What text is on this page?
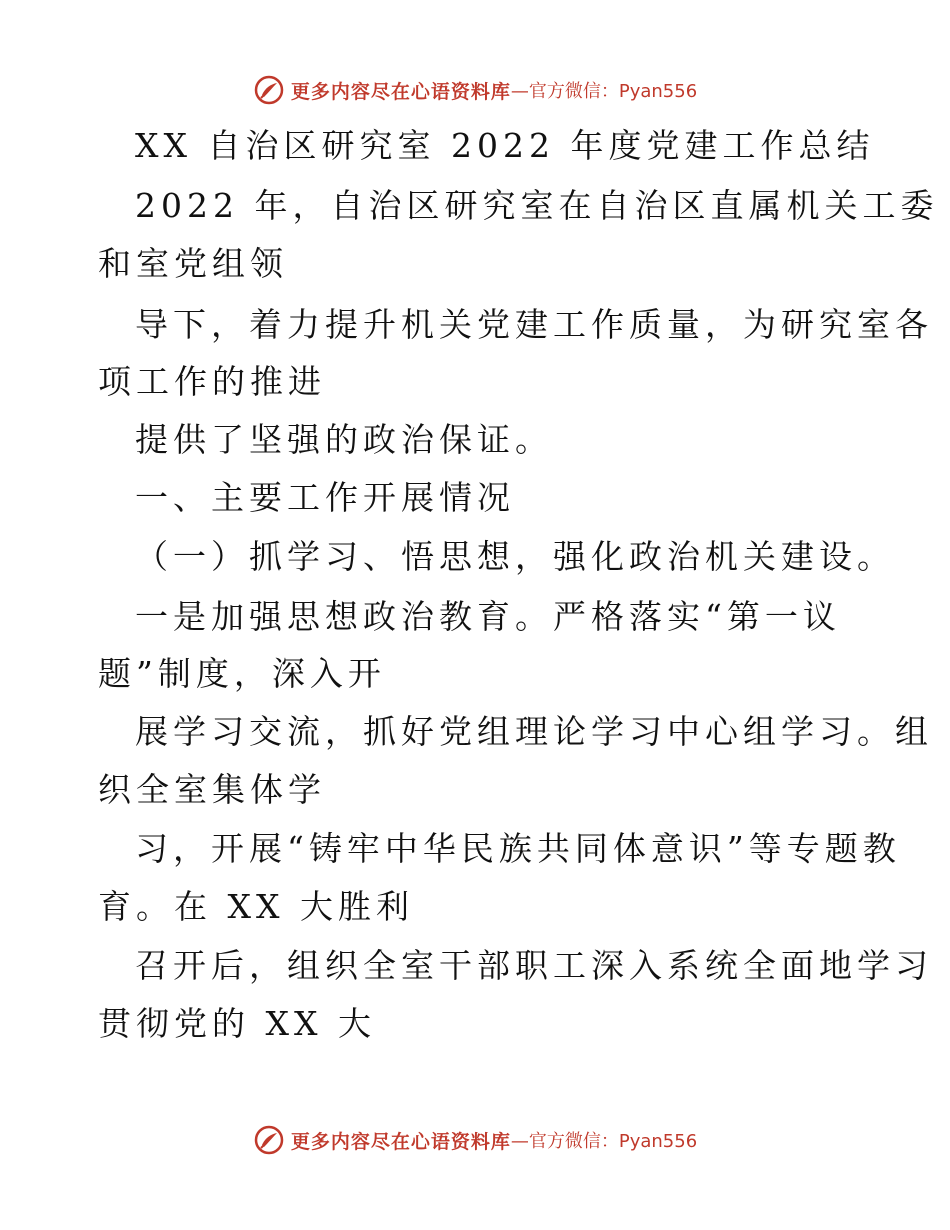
更多内容尽在心语资料库 —官方微信：Pyan556
XX 自治区研究室 2022 年度党建工作总结
2022 年，自治区研究室在自治区直属机关工委
和室党组领
导下，着力提升机关党建工作质量，为研究室各
项工作的推进
提供了坚强的政治保证。
一、主要工作开展情况
（一）抓学习、悟思想，强化政治机关建设。
一是加强思想政治教育。严格落实“第一议
题”制度，深入开
展学习交流，抓好党组理论学习中心组学习。组
织全室集体学
习，开展“铸牢中华民族共同体意识”等专题教
育。在 XX 大胜利
召开后，组织全室干部职工深入系统全面地学习
贯彻党的 XX 大
更多内容尽在心语资料库 —官方微信：Pyan556
